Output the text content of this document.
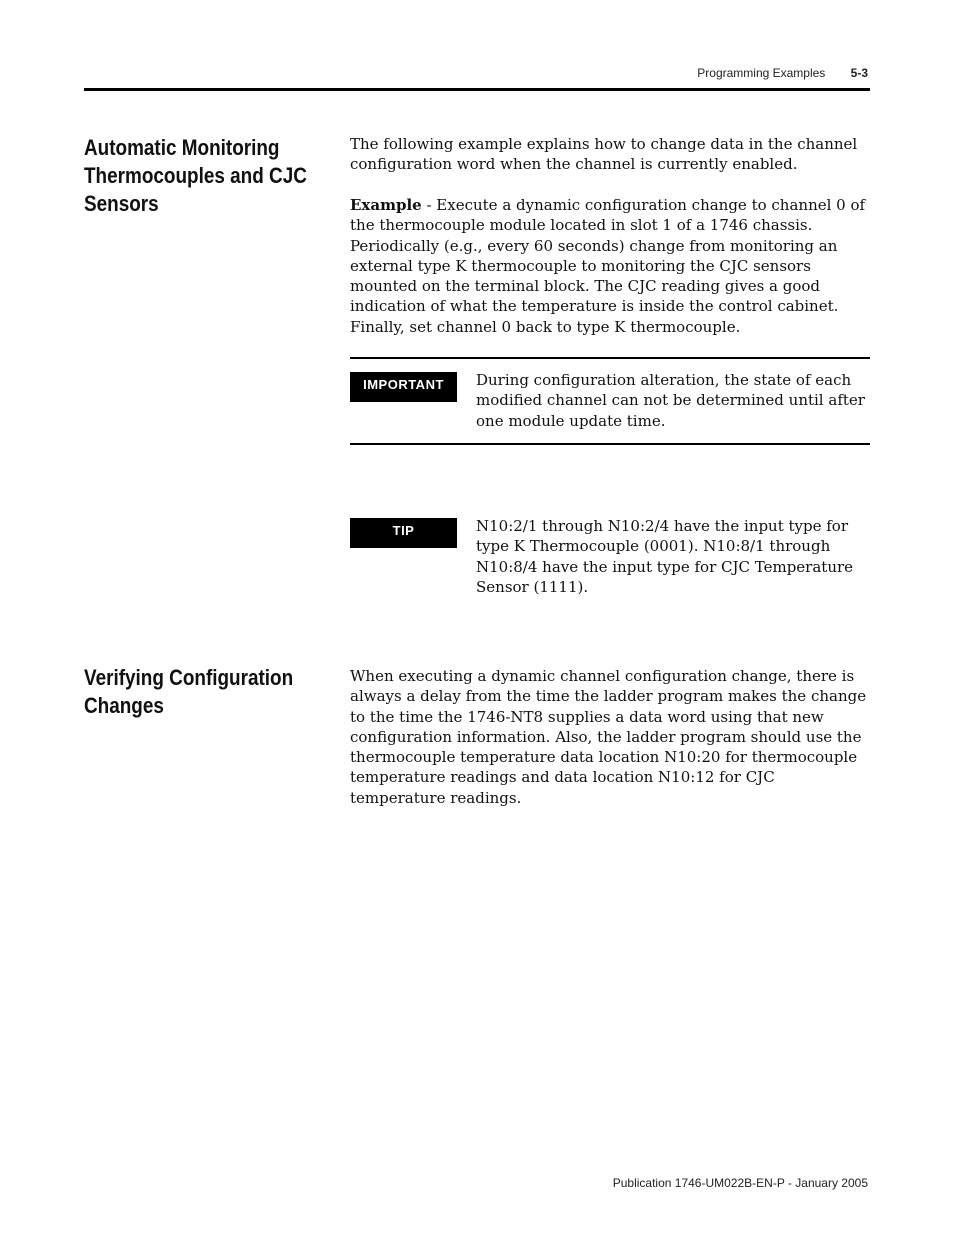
Programming Examples 5-3
Automatic Monitoring Thermocouples and CJC Sensors

The following example explains how to change data in the channel configuration word when the channel is currently enabled.

Example - Execute a dynamic configuration change to channel 0 of the thermocouple module located in slot 1 of a 1746 chassis. Periodically (e.g., every 60 seconds) change from monitoring an external type K thermocouple to monitoring the CJC sensors mounted on the terminal block. The CJC reading gives a good indication of what the temperature is inside the control cabinet. Finally, set channel 0 back to type K thermocouple.

IMPORTANT	During configuration alteration, the state of each modified channel can not be determined until after one module update time.
TIP	N10:2/1 through N10:2/4 have the input type for type K Thermocouple (0001). N10:8/1 through N10:8/4 have the input type for CJC Temperature Sensor (1111).
Verifying Configuration Changes

When executing a dynamic channel configuration change, there is always a delay from the time the ladder program makes the change to the time the 1746-NT8 supplies a data word using that new configuration information. Also, the ladder program should use the thermocouple temperature data location N10:20 for thermocouple temperature readings and data location N10:12 for CJC temperature readings.

Publication 1746-UM022B-EN-P - January 2005
